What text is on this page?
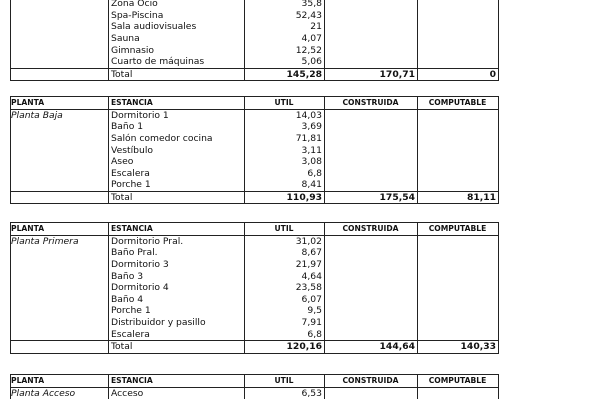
Zona Ocio	35,8
Spa-Piscina	52,43
Sala audiovisuales	21
Sauna	4,07
Gimnasio	12,52
Cuarto de máquinas	5,06
Total	145,28	170,71	0
PLANTA	ESTANCIA	UTIL	CONSTRUIDA	COMPUTABLE
Planta Baja	Dormitorio 1	14,03
Baño 1	3,69
Salón comedor cocina	71,81
Vestíbulo	3,11
Aseo	3,08
Escalera	6,8
Porche 1	8,41
Total	110,93	175,54	81,11
PLANTA	ESTANCIA	UTIL	CONSTRUIDA	COMPUTABLE
Planta Primera	Dormitorio Pral.	31,02
Baño Pral.	8,67
Dormitorio 3	21,97
Baño 3	4,64
Dormitorio 4	23,58
Baño 4	6,07
Porche 1	9,5
Distribuidor y pasillo	7,91
Escalera	6,8
Total	120,16	144,64	140,33
PLANTA	ESTANCIA	UTIL	CONSTRUIDA	COMPUTABLE
Planta Acceso	Acceso	6,53
